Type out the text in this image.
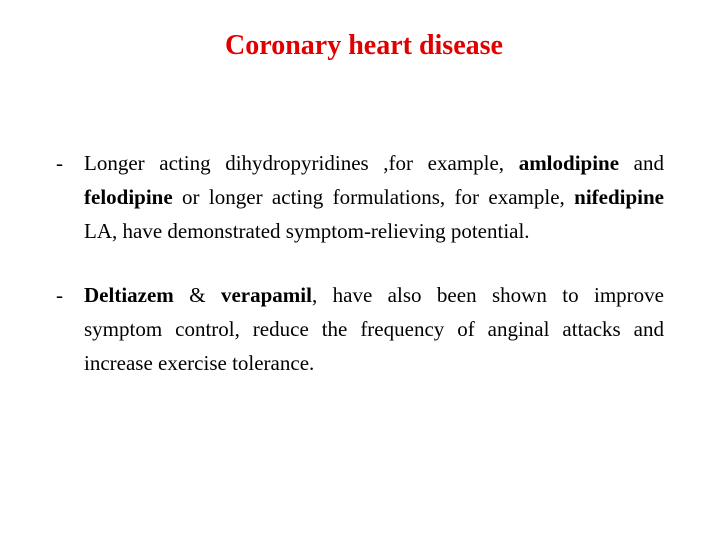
Coronary heart disease
- Longer acting dihydropyridines ,for example, amlodipine and felodipine or longer acting formulations, for example, nifedipine LA, have demonstrated symptom-relieving potential.
- Deltiazem & verapamil, have also been shown to improve symptom control, reduce the frequency of anginal attacks and increase exercise tolerance.
